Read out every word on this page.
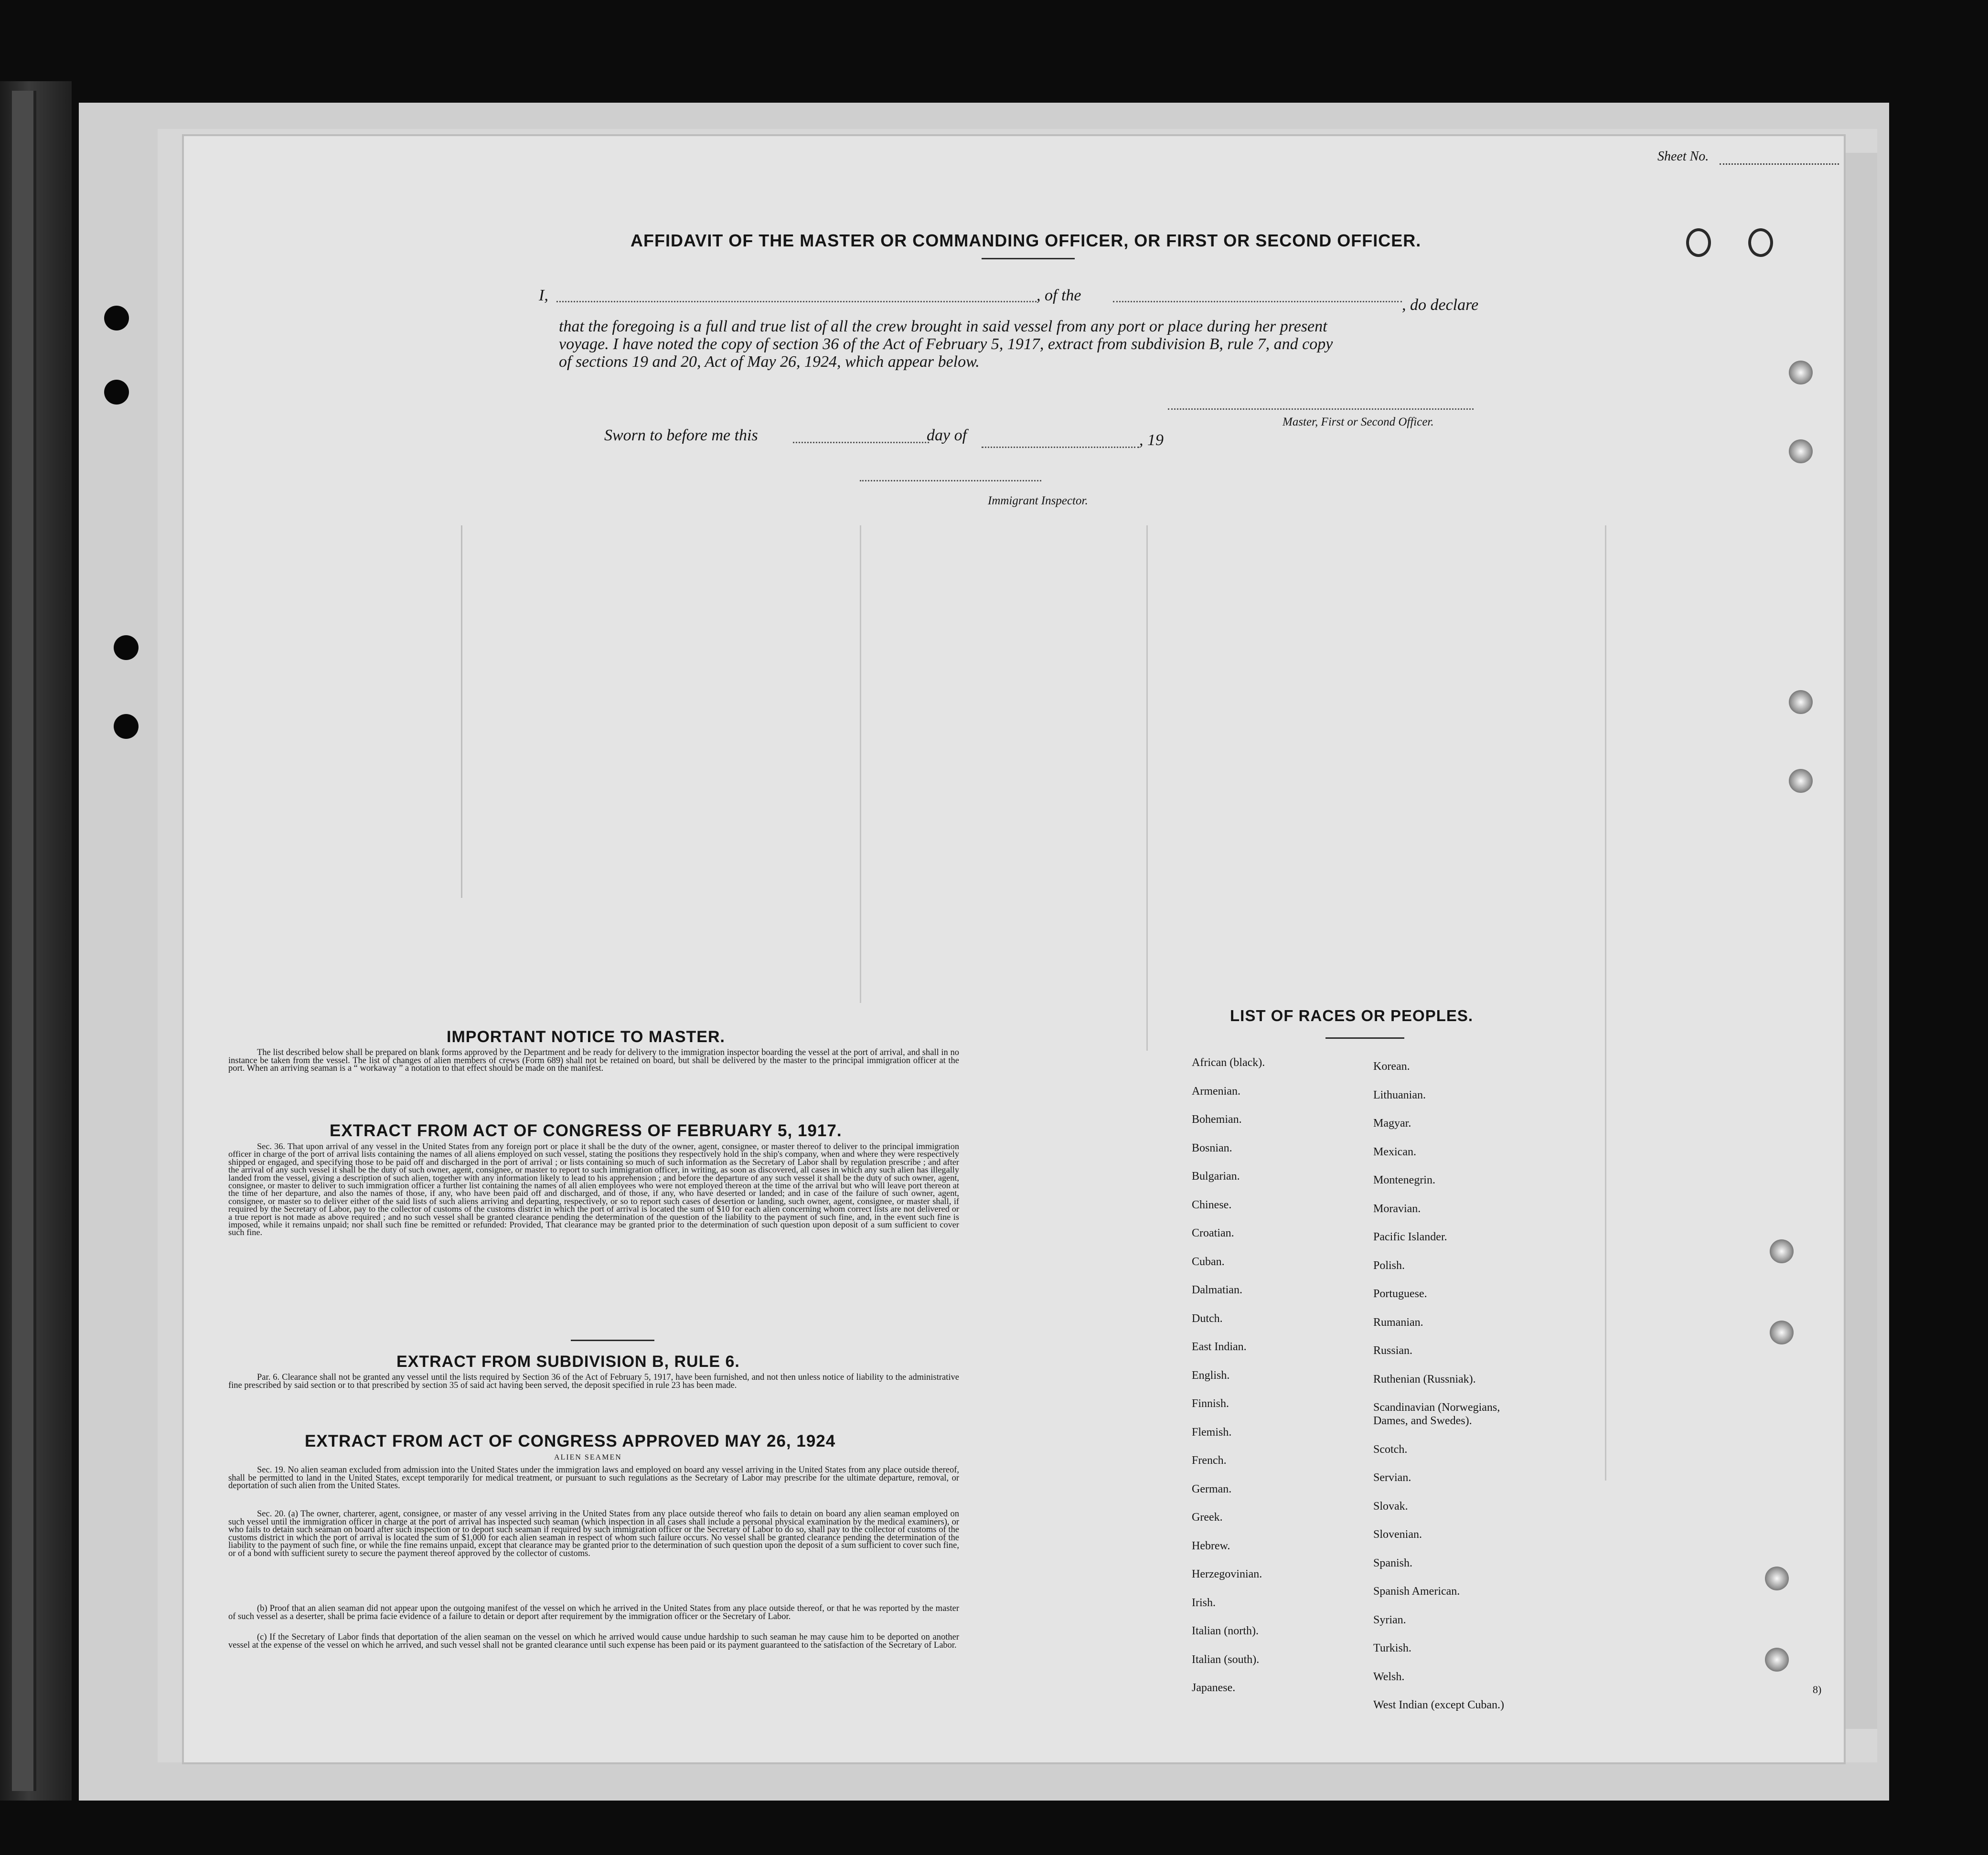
Sheet No.
AFFIDAVIT OF THE MASTER OR COMMANDING OFFICER, OR FIRST OR SECOND OFFICER.
I,	, of the
, do declare
that the foregoing is a full and true list of all the crew brought in said vessel from any port or place during her present
voyage. I have noted the copy of section 36 of the Act of February 5, 1917, extract from subdivision B, rule 7, and copy
of sections 19 and 20, Act of May 26, 1924, which appear below.
Master, First or Second Officer.
Sworn to before me this	day of	, 19
Immigrant Inspector.
IMPORTANT NOTICE TO MASTER.
The list described below shall be prepared on blank forms approved by the Department and be ready for delivery to the immigration inspector boarding the vessel at the port of arrival, and shall in no instance be taken from the vessel. The list of changes of alien members of crews (Form 689) shall not be retained on board, but shall be delivered by the master to the principal immigration officer at the port. When an arriving seaman is a “ workaway ” a notation to that effect should be made on the manifest.
EXTRACT FROM ACT OF CONGRESS OF FEBRUARY 5, 1917.
Sec. 36. That upon arrival of any vessel in the United States from any foreign port or place it shall be the duty of the owner, agent, consignee, or master thereof to deliver to the principal immigration officer in charge of the port of arrival lists containing the names of all aliens employed on such vessel, stating the positions they respectively hold in the ship's company, when and where they were respectively shipped or engaged, and specifying those to be paid off and discharged in the port of arrival ; or lists containing so much of such information as the Secretary of Labor shall by regulation prescribe ; and after the arrival of any such vessel it shall be the duty of such owner, agent, consignee, or master to report to such immigration officer, in writing, as soon as discovered, all cases in which any such alien has illegally landed from the vessel, giving a description of such alien, together with any information likely to lead to his apprehension ; and before the departure of any such vessel it shall be the duty of such owner, agent, consignee, or master to deliver to such immigration officer a further list containing the names of all alien employees who were not employed thereon at the time of the arrival but who will leave port thereon at the time of her departure, and also the names of those, if any, who have been paid off and discharged, and of those, if any, who have deserted or landed; and in case of the failure of such owner, agent, consignee, or master so to deliver either of the said lists of such aliens arriving and departing, respectively, or so to report such cases of desertion or landing, such owner, agent, consignee, or master shall, if required by the Secretary of Labor, pay to the collector of customs of the customs district in which the port of arrival is located the sum of $10 for each alien concerning whom correct lists are not delivered or a true report is not made as above required ; and no such vessel shall be granted clearance pending the determination of the question of the liability to the payment of such fine, and, in the event such fine is imposed, while it remains unpaid; nor shall such fine be remitted or refunded: Provided, That clearance may be granted prior to the determination of such question upon deposit of a sum sufficient to cover such fine.
EXTRACT FROM SUBDIVISION B, RULE 6.
Par. 6. Clearance shall not be granted any vessel until the lists required by Section 36 of the Act of February 5, 1917, have been furnished, and not then unless notice of liability to the administrative fine prescribed by said section or to that prescribed by section 35 of said act having been served, the deposit specified in rule 23 has been made.
EXTRACT FROM ACT OF CONGRESS APPROVED MAY 26, 1924
ALIEN SEAMEN
Sec. 19. No alien seaman excluded from admission into the United States under the immigration laws and employed on board any vessel arriving in the United States from any place outside thereof, shall be permitted to land in the United States, except temporarily for medical treatment, or pursuant to such regulations as the Secretary of Labor may prescribe for the ultimate departure, removal, or deportation of such alien from the United States.
Sec. 20. (a) The owner, charterer, agent, consignee, or master of any vessel arriving in the United States from any place outside thereof who fails to detain on board any alien seaman employed on such vessel until the immigration officer in charge at the port of arrival has inspected such seaman (which inspection in all cases shall include a personal physical examination by the medical examiners), or who fails to detain such seaman on board after such inspection or to deport such seaman if required by such immigration officer or the Secretary of Labor to do so, shall pay to the collector of customs of the customs district in which the port of arrival is located the sum of $1,000 for each alien seaman in respect of whom such failure occurs. No vessel shall be granted clearance pending the determination of the liability to the payment of such fine, or while the fine remains unpaid, except that clearance may be granted prior to the determination of such question upon the deposit of a sum sufficient to cover such fine, or of a bond with sufficient surety to secure the payment thereof approved by the collector of customs.
(b) Proof that an alien seaman did not appear upon the outgoing manifest of the vessel on which he arrived in the United States from any place outside thereof, or that he was reported by the master of such vessel as a deserter, shall be prima facie evidence of a failure to detain or deport after requirement by the immigration officer or the Secretary of Labor.
(c) If the Secretary of Labor finds that deportation of the alien seaman on the vessel on which he arrived would cause undue hardship to such seaman he may cause him to be deported on another vessel at the expense of the vessel on which he arrived, and such vessel shall not be granted clearance until such expense has been paid or its payment guaranteed to the satisfaction of the Secretary of Labor.
LIST OF RACES OR PEOPLES.
African (black).
Armenian.
Bohemian.
Bosnian.
Bulgarian.
Chinese.
Croatian.
Cuban.
Dalmatian.
Dutch.
East Indian.
English.
Finnish.
Flemish.
French.
German.
Greek.
Hebrew.
Herzegovinian.
Irish.
Italian (north).
Italian (south).
Japanese.
Korean.
Lithuanian.
Magyar.
Mexican.
Montenegrin.
Moravian.
Pacific Islander.
Polish.
Portuguese.
Rumanian.
Russian.
Ruthenian (Russniak).
Scandinavian (Norwegians,
Dames, and Swedes).
Scotch.
Servian.
Slovak.
Slovenian.
Spanish.
Spanish American.
Syrian.
Turkish.
Welsh.
West Indian (except Cuban.)
8)
